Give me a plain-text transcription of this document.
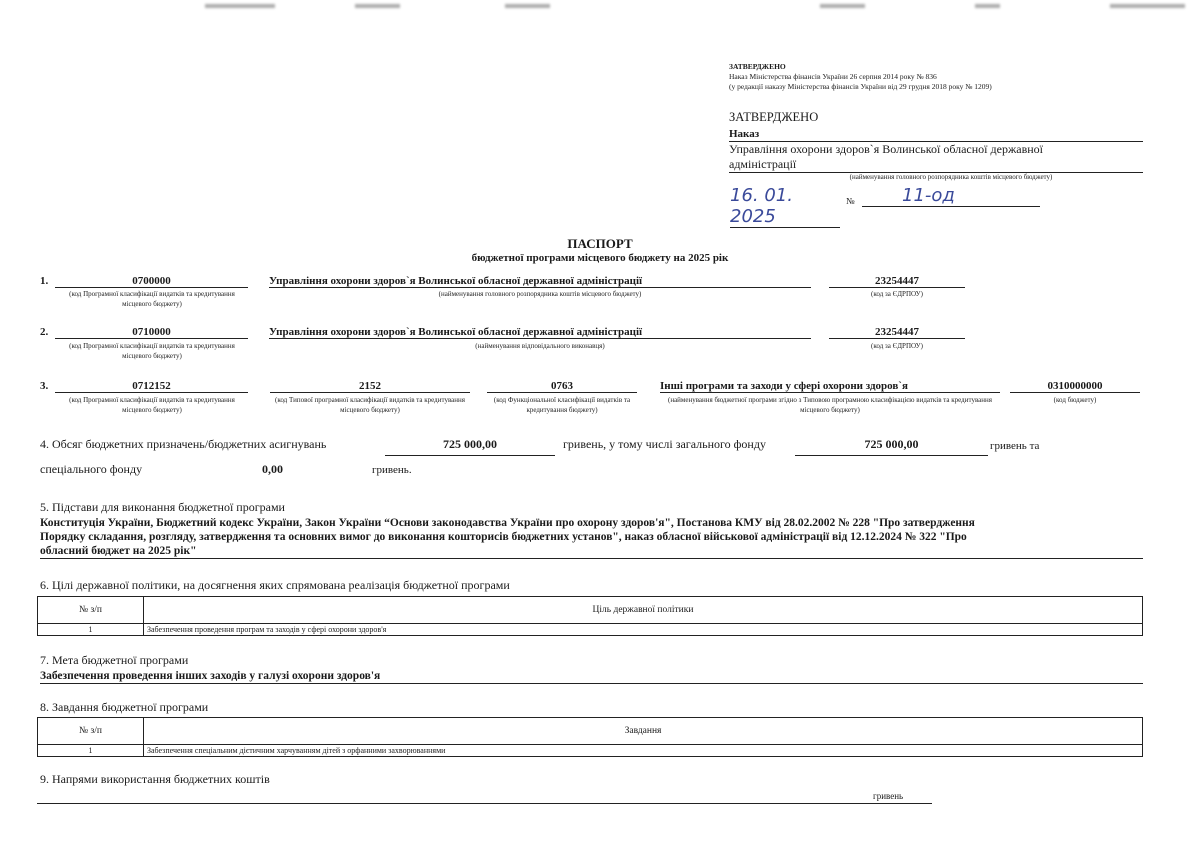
ЗАТВЕРДЖЕНО
Наказ Міністерства фінансів України 26 серпня 2014 року № 836
(у редакції наказу Міністерства фінансів України від 29 грудня 2018 року № 1209)
ЗАТВЕРДЖЕНО
Наказ
Управління охорони здоров`я Волинської обласної державної
адміністрації
(найменування головного розпорядника коштів місцевого бюджету)
16. 01. 2025
№	11-од
ПАСПОРТ
бюджетної програми місцевого бюджету на 2025 рік
1.	0700000
(код Програмної класифікації видатків та кредитування місцевого бюджету)
Управління охорони здоров`я Волинської обласної державної адміністрації
(найменування головного розпорядника коштів місцевого бюджету)
23254447
(код за ЄДРПОУ)
2.	0710000
(код Програмної класифікації видатків та кредитування місцевого бюджету)
Управління охорони здоров`я Волинської обласної державної адміністрації
(найменування відповідального виконавця)
23254447
(код за ЄДРПОУ)
3.	0712152
(код Програмної класифікації видатків та кредитування місцевого бюджету)
2152
(код Типової програмної класифікації видатків та кредитування місцевого бюджету)
0763
(код Функціональної класифікації видатків та кредитування бюджету)
Інші програми та заходи у сфері охорони здоров`я
(найменування бюджетної програми згідно з Типовою програмною класифікацією видатків та кредитування місцевого бюджету)
0310000000
(код бюджету)
4. Обсяг бюджетних призначень/бюджетних асигнувань	725 000,00	гривень, у тому числі загального фонду	725 000,00	гривень та
спеціального фонду	0,00	гривень.
5. Підстави для виконання бюджетної програми
Конституція України, Бюджетний кодекс України, Закон України “Основи законодавства України про охорону здоров'я", Постанова КМУ від 28.02.2002 № 228 "Про затвердження
Порядку складання, розгляду, затвердження та основних вимог до виконання кошторисів бюджетних установ", наказ обласної військової адміністрації від 12.12.2024 № 322 "Про
обласний бюджет на 2025 рік"
6. Цілі державної політики, на досягнення яких спрямована реалізація бюджетної програми
№ з/п	Ціль державної політики
1	Забезпечення проведення програм та заходів у сфері охорони здоров'я
7. Мета бюджетної програми
Забезпечення проведення інших заходів у галузі охорони здоров'я
8. Завдання бюджетної програми
№ з/п	Завдання
1	Забезпечення спеціальним дієтичним харчуванням дітей з орфанними захворюваннями
9. Напрями використання бюджетних коштів
гривень
